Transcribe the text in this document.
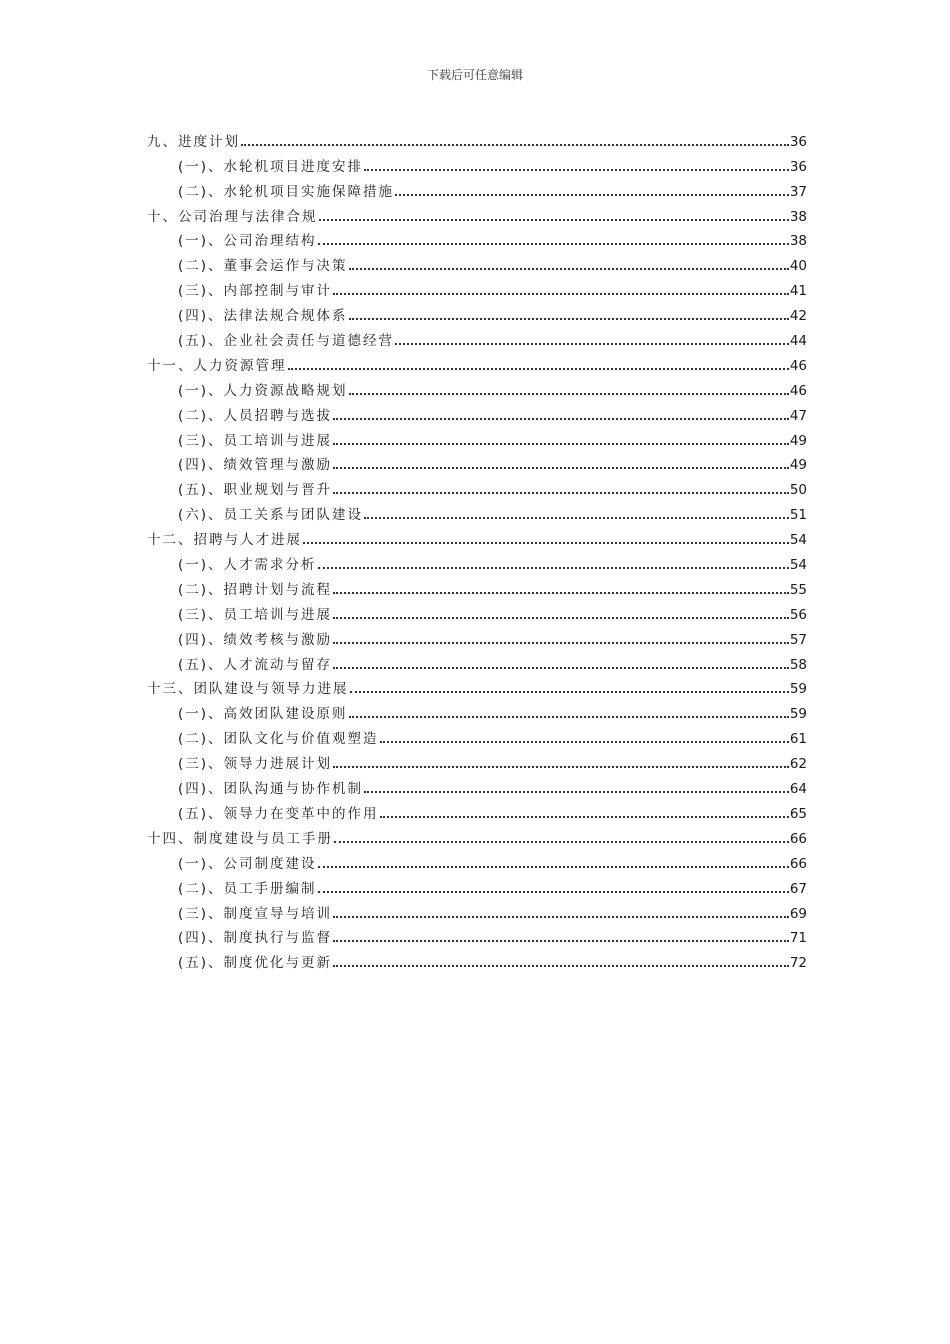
下载后可任意编辑
九、进度计划	36
(一)、水轮机项目进度安排	36
(二)、水轮机项目实施保障措施	37
十、公司治理与法律合规	38
(一)、公司治理结构	38
(二)、董事会运作与决策	40
(三)、内部控制与审计	41
(四)、法律法规合规体系	42
(五)、企业社会责任与道德经营	44
十一、人力资源管理	46
(一)、人力资源战略规划	46
(二)、人员招聘与选拔	47
(三)、员工培训与进展	49
(四)、绩效管理与激励	49
(五)、职业规划与晋升	50
(六)、员工关系与团队建设	51
十二、招聘与人才进展	54
(一)、人才需求分析	54
(二)、招聘计划与流程	55
(三)、员工培训与进展	56
(四)、绩效考核与激励	57
(五)、人才流动与留存	58
十三、团队建设与领导力进展	59
(一)、高效团队建设原则	59
(二)、团队文化与价值观塑造	61
(三)、领导力进展计划	62
(四)、团队沟通与协作机制	64
(五)、领导力在变革中的作用	65
十四、制度建设与员工手册	66
(一)、公司制度建设	66
(二)、员工手册编制	67
(三)、制度宣导与培训	69
(四)、制度执行与监督	71
(五)、制度优化与更新	72
